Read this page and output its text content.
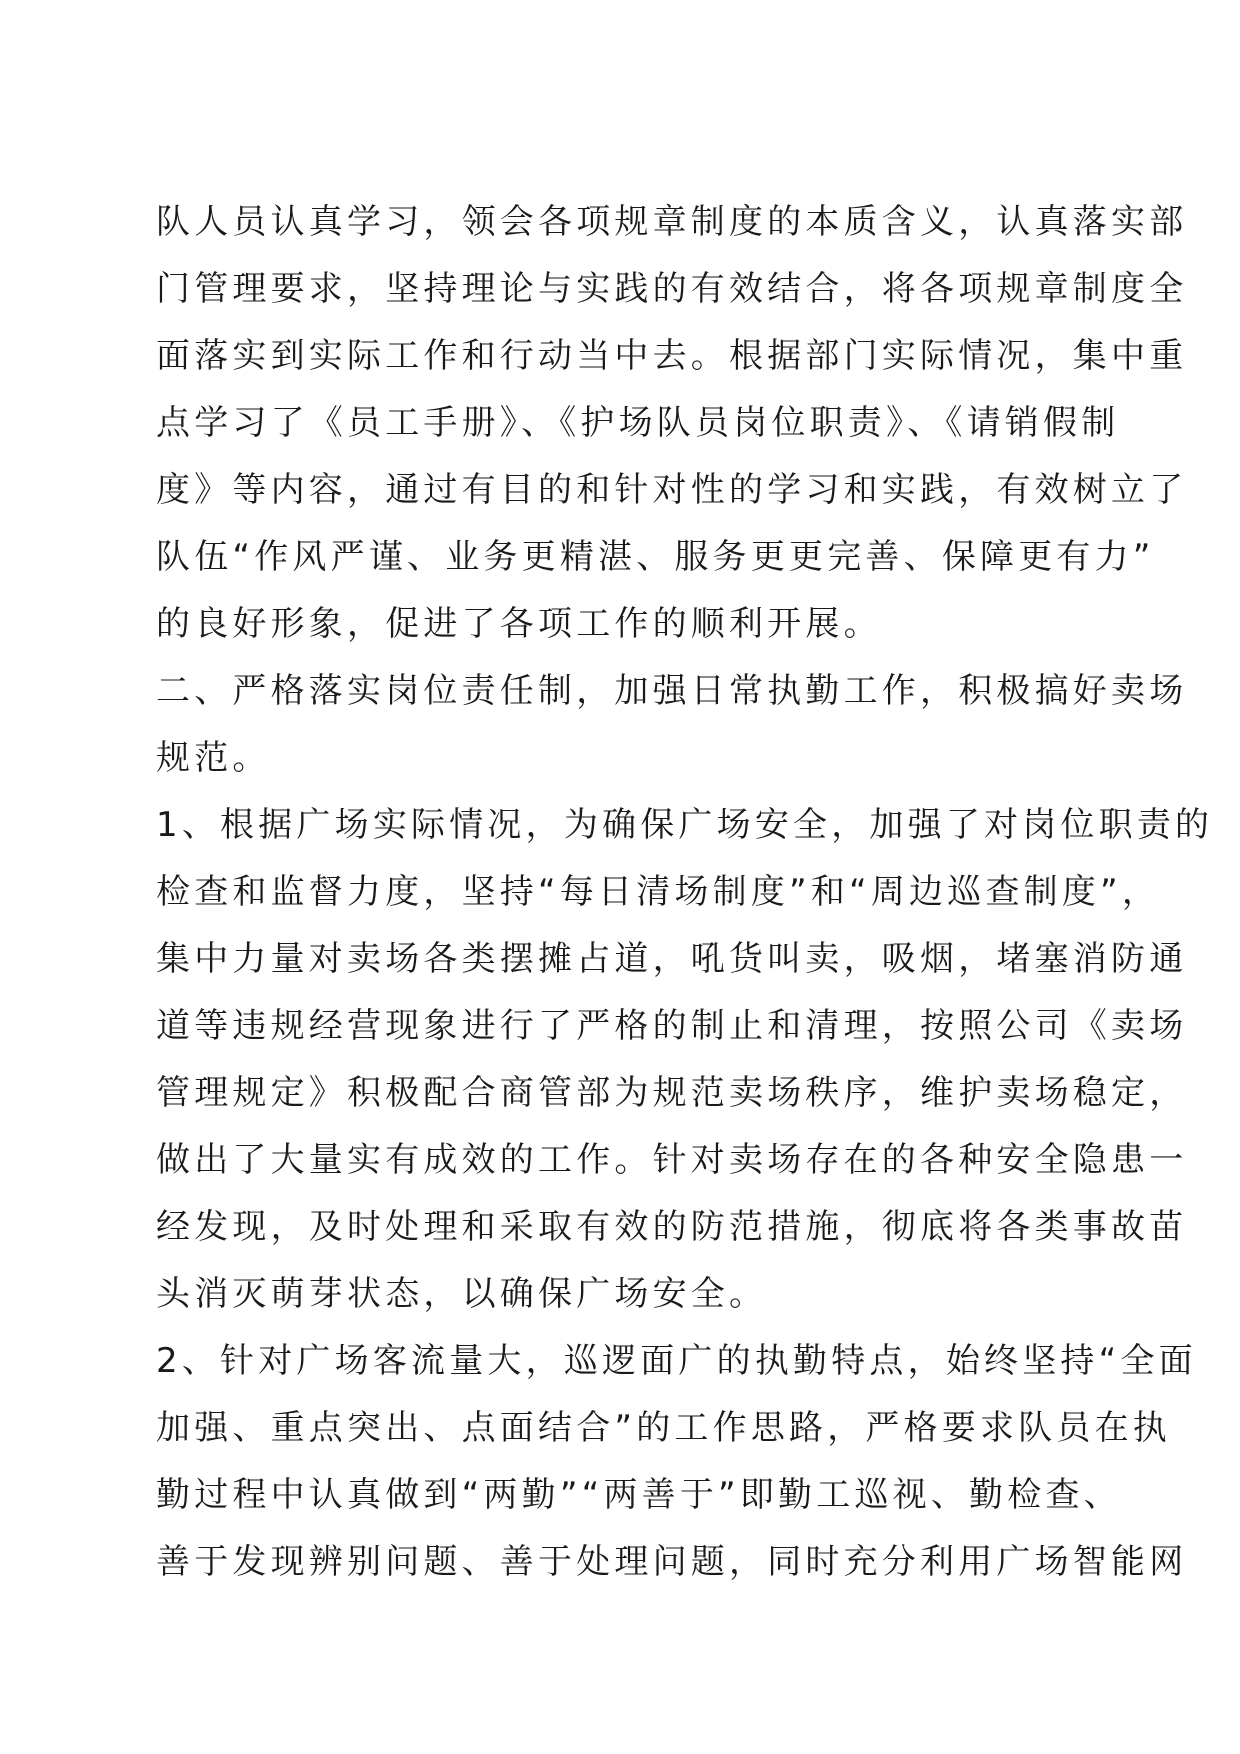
队人员认真学习，领会各项规章制度的本质含义，认真落实部
门管理要求，坚持理论与实践的有效结合，将各项规章制度全
面落实到实际工作和行动当中去。根据部门实际情况，集中重
点学习了《员工手册》、《护场队员岗位职责》、《请销假制
度》等内容，通过有目的和针对性的学习和实践，有效树立了
队伍“作风严谨、业务更精湛、服务更更完善、保障更有力”
的良好形象，促进了各项工作的顺利开展。
二、严格落实岗位责任制，加强日常执勤工作，积极搞好卖场
规范。
1、根据广场实际情况，为确保广场安全，加强了对岗位职责的
检查和监督力度，坚持“每日清场制度”和“周边巡查制度”，
集中力量对卖场各类摆摊占道，吼货叫卖，吸烟，堵塞消防通
道等违规经营现象进行了严格的制止和清理，按照公司《卖场
管理规定》积极配合商管部为规范卖场秩序，维护卖场稳定，
做出了大量实有成效的工作。针对卖场存在的各种安全隐患一
经发现，及时处理和采取有效的防范措施，彻底将各类事故苗
头消灭萌芽状态，以确保广场安全。
2、针对广场客流量大，巡逻面广的执勤特点，始终坚持“全面
加强、重点突出、点面结合”的工作思路，严格要求队员在执
勤过程中认真做到“两勤”“两善于”即勤工巡视、勤检查、
善于发现辨别问题、善于处理问题，同时充分利用广场智能网
